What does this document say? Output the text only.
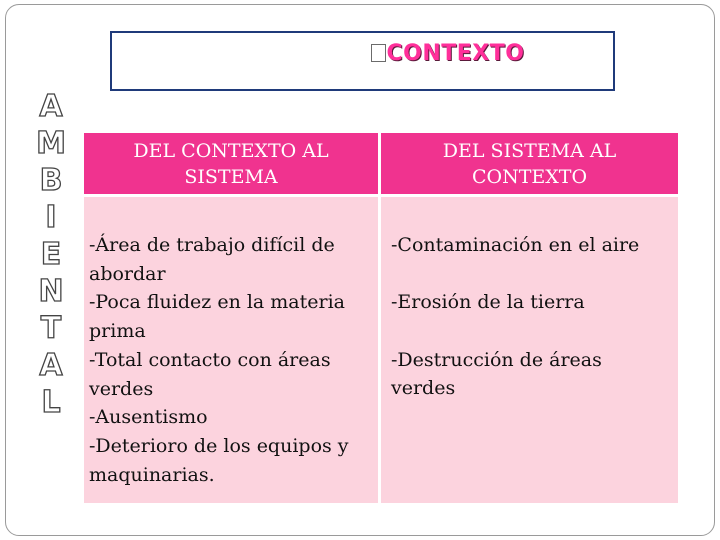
CONTEXTO
A
M
B
I
E
N
T
A
L
DEL CONTEXTO AL SISTEMA
DEL SISTEMA AL CONTEXTO
-Área de trabajo difícil de abordar
-Poca fluidez en la materia prima
-Total contacto con áreas verdes
-Ausentismo
-Deterioro de los equipos y maquinarias.
-Contaminación en el aire
-Erosión de la tierra
-Destrucción de áreas verdes
